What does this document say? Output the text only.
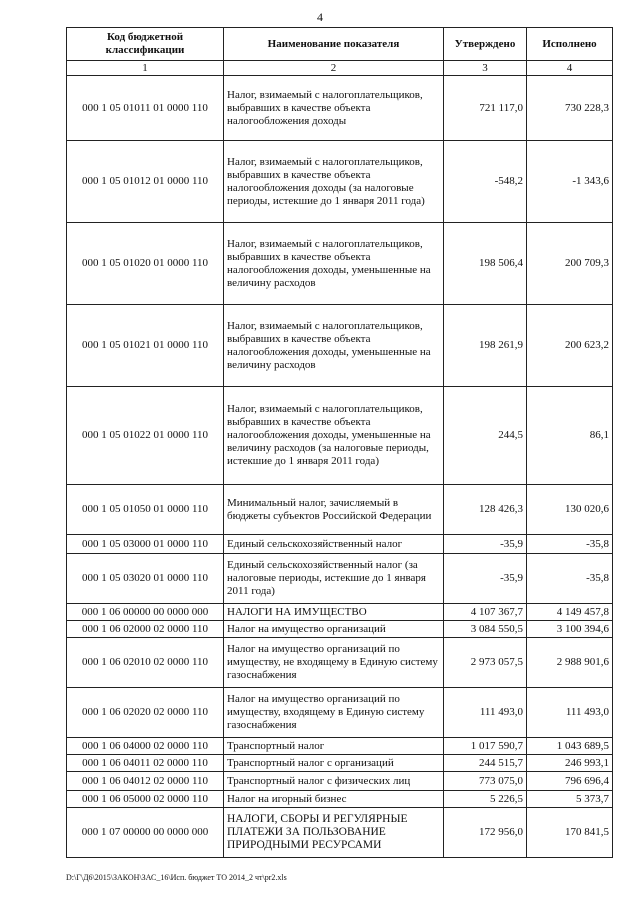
4
Код бюджетной классификации	Наименование показателя	Утверждено	Исполнено
1	2	3	4
000 1 05 01011 01 0000 110	Налог, взимаемый с налогоплательщиков, выбравших в качестве объекта налогообложения доходы	721 117,0	730 228,3
000 1 05 01012 01 0000 110	Налог, взимаемый с налогоплательщиков, выбравших в качестве объекта налогообложения доходы (за налоговые периоды, истекшие до 1 января 2011 года)	-548,2	-1 343,6
000 1 05 01020 01 0000 110	Налог, взимаемый с налогоплательщиков, выбравших в качестве объекта налогообложения доходы, уменьшенные на величину расходов	198 506,4	200 709,3
000 1 05 01021 01 0000 110	Налог, взимаемый с налогоплательщиков, выбравших в качестве объекта налогообложения доходы, уменьшенные на величину расходов	198 261,9	200 623,2
000 1 05 01022 01 0000 110	Налог, взимаемый с налогоплательщиков, выбравших в качестве объекта налогообложения доходы, уменьшенные на величину расходов (за налоговые периоды, истекшие до 1 января 2011 года)	244,5	86,1
000 1 05 01050 01 0000 110	Минимальный налог, зачисляемый в бюджеты субъектов Российской Федерации	128 426,3	130 020,6
000 1 05 03000 01 0000 110	Единый сельскохозяйственный налог	-35,9	-35,8
000 1 05 03020 01 0000 110	Единый сельскохозяйственный налог (за налоговые периоды, истекшие до 1 января 2011 года)	-35,9	-35,8
000 1 06 00000 00 0000 000	НАЛОГИ НА ИМУЩЕСТВО	4 107 367,7	4 149 457,8
000 1 06 02000 02 0000 110	Налог на имущество организаций	3 084 550,5	3 100 394,6
000 1 06 02010 02 0000 110	Налог на имущество организаций по имуществу, не входящему в Единую систему газоснабжения	2 973 057,5	2 988 901,6
000 1 06 02020 02 0000 110	Налог на имущество организаций по имуществу, входящему в Единую систему газоснабжения	111 493,0	111 493,0
000 1 06 04000 02 0000 110	Транспортный налог	1 017 590,7	1 043 689,5
000 1 06 04011 02 0000 110	Транспортный налог с организаций	244 515,7	246 993,1
000 1 06 04012 02 0000 110	Транспортный налог с физических лиц	773 075,0	796 696,4
000 1 06 05000 02 0000 110	Налог на игорный бизнес	5 226,5	5 373,7
000 1 07 00000 00 0000 000	НАЛОГИ, СБОРЫ И РЕГУЛЯРНЫЕ ПЛАТЕЖИ ЗА ПОЛЬЗОВАНИЕ ПРИРОДНЫМИ РЕСУРСАМИ	172 956,0	170 841,5
D:\Г\Д6\2015\ЗАКОН\ЗАС_16\Исп. бюджет ТО 2014_2 чт\pr2.xls
